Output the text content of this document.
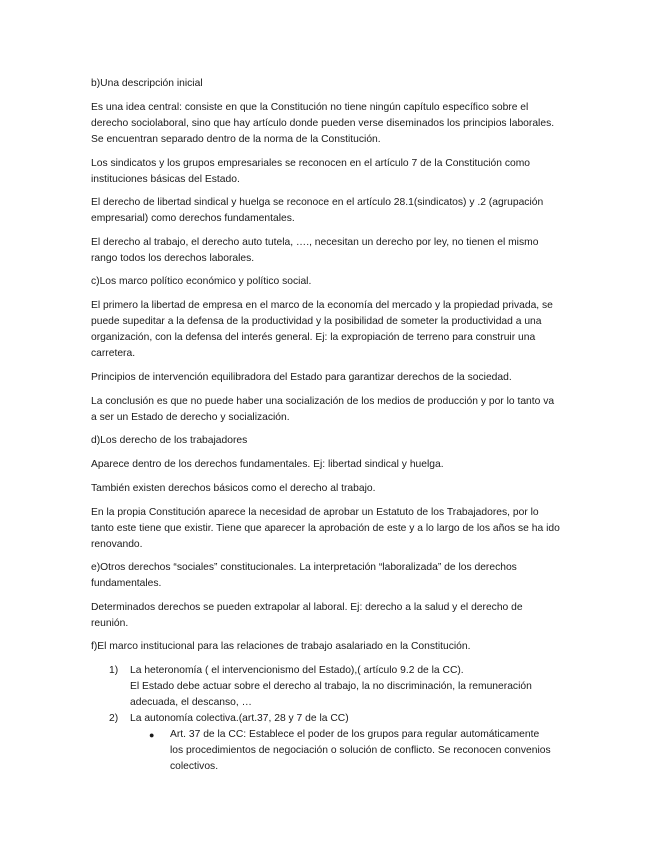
b)Una descripción inicial

Es una idea central: consiste en que la Constitución no tiene ningún capítulo específico sobre el derecho sociolaboral, sino que hay artículo donde pueden verse diseminados los principios laborales. Se encuentran separado dentro de la norma de la Constitución.

Los sindicatos y los grupos empresariales se reconocen en el artículo 7 de la Constitución como instituciones básicas del Estado.

El derecho de libertad sindical y huelga se reconoce en el artículo 28.1(sindicatos) y .2 (agrupación empresarial) como derechos fundamentales.

El derecho al trabajo, el derecho auto tutela, …., necesitan un derecho por ley, no tienen el mismo rango todos los derechos laborales.

c)Los marco político económico y político social.

El primero la libertad de empresa en el marco de la economía del mercado y la propiedad privada, se puede supeditar a la defensa de la productividad y la posibilidad de someter la productividad a una organización, con la defensa del interés general. Ej: la expropiación de terreno para construir una carretera.

Principios de intervención equilibradora del Estado para garantizar derechos de la sociedad.

La conclusión es que no puede haber una socialización de los medios de producción y por lo tanto va a ser un Estado de derecho y socialización.

d)Los derecho de los trabajadores

Aparece dentro de los derechos fundamentales. Ej: libertad sindical y huelga.

También existen derechos básicos como el derecho al trabajo.

En la propia Constitución aparece la necesidad de aprobar un Estatuto de los Trabajadores, por lo tanto este tiene que existir. Tiene que aparecer la aprobación de este y a lo largo de los años se ha ido renovando.

e)Otros derechos “sociales” constitucionales. La interpretación “laboralizada” de los derechos fundamentales.

Determinados derechos se pueden extrapolar al laboral. Ej: derecho a la salud y el derecho de reunión.

f)El marco institucional para las relaciones de trabajo asalariado en la Constitución.

1) La heteronomía ( el intervencionismo del Estado),( artículo 9.2 de la CC).

El Estado debe actuar sobre el derecho al trabajo, la no discriminación, la remuneración adecuada, el descanso, …

2) La autonomía colectiva.(art.37, 28 y 7 de la CC)

● Art. 37 de la CC: Establece el poder de los grupos para regular automáticamente los procedimientos de negociación o solución de conflicto. Se reconocen convenios colectivos.
